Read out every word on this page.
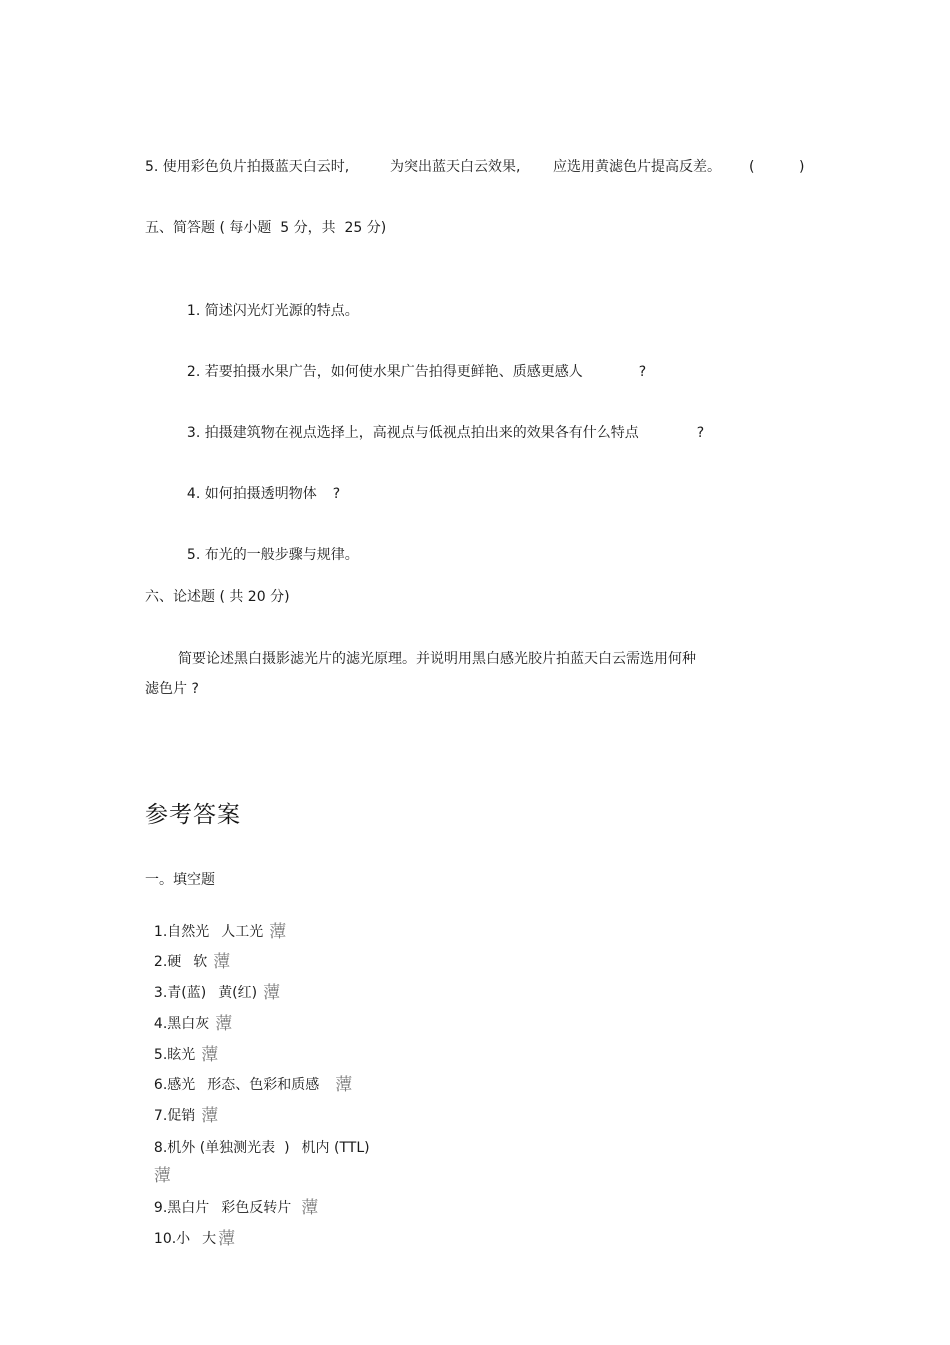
5. 使用彩色负片拍摄蓝天白云时,

	为突出蓝天白云效果,

应选用黄滤色片提高反差。

(

	)

五、简答题 ( 每小题  5 分，共  25 分)

1. 简述闪光灯光源的特点。

2. 若要拍摄水果广告，如何使水果广告拍得更鲜艳、质感更感人	?

3. 拍摄建筑物在视点选择上，高视点与低视点拍出来的效果各有什么特点	?

4. 如何拍摄透明物体 ?

5. 布光的一般步骤与规律。

六、论述题 ( 共 20 分)
简要论述黑白摄影滤光片的滤光原理。并说明用黑白感光胶片拍蓝天白云需选用何种
滤色片 ?
参考答案
一。填空题

1.自然光 人工光 藫

2.硬 软 藫

3.青(蓝) 黄(红) 藫

4.黑白灰 藫

5.眩光 藫

6.感光 形态、色彩和质感 藫

7.促销 藫

8.机外 (单独测光表  ) 机内 (TTL)

藫

9.黑白片 彩色反转片 藫

10.小 大 藫
